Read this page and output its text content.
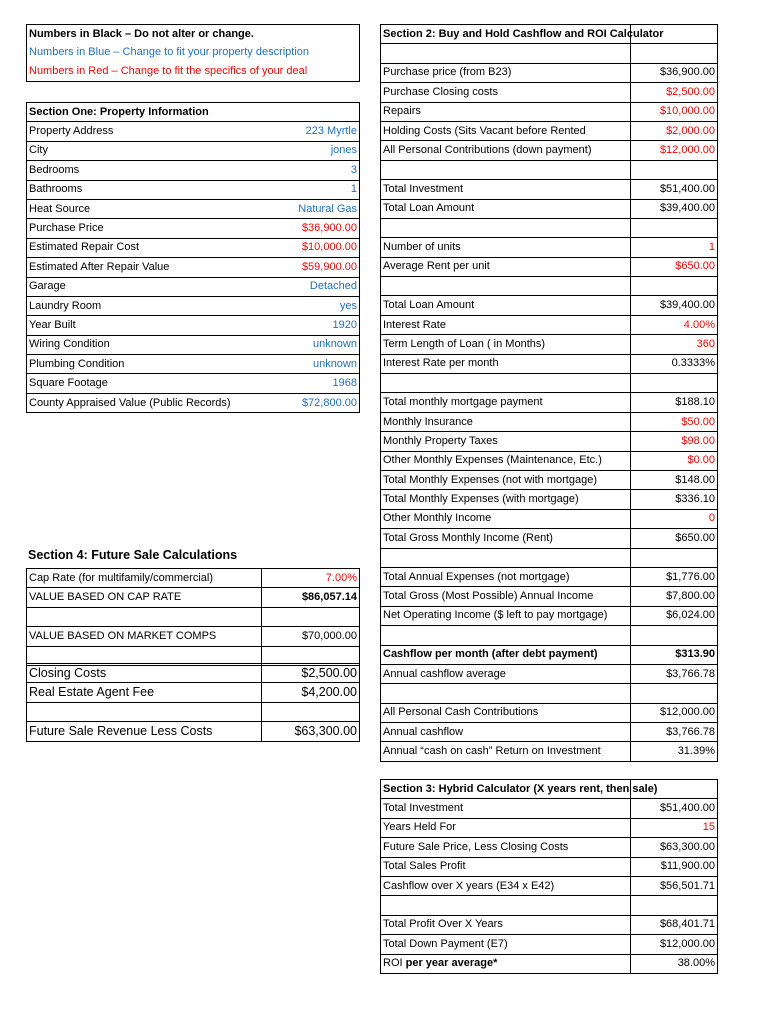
Numbers in Black – Do not alter or change.
Numbers in Blue – Change to fit your property description
Numbers in Red – Change to fit the specifics of your deal
Section One: Property Information	
Property Address	223 Myrtle
City	jones
Bedrooms	3
Bathrooms	1
Heat Source	Natural Gas
Purchase Price	$36,900.00
Estimated Repair Cost	$10,000.00
Estimated After Repair Value	$59,900.00
Garage	Detached
Laundry Room	yes
Year Built	1920
Wiring Condition	unknown
Plumbing Condition	unknown
Square Footage	1968
County Appraised Value (Public Records)	$72,800.00
Section 2: Buy and Hold Cashflow and ROI Calculator	

Purchase price (from B23)	$36,900.00
Purchase Closing costs	$2,500.00
Repairs	$10,000.00
Holding Costs (Sits Vacant before Rented	$2,000.00
All Personal Contributions (down payment)	$12,000.00

Total Investment	$51,400.00
Total Loan Amount	$39,400.00

Number of units	1
Average Rent per unit	$650.00

Total Loan Amount	$39,400.00
Interest Rate	4.00%
Term Length of Loan ( in Months)	360
Interest Rate per month	0.3333%

Total monthly mortgage payment	$188.10
Monthly Insurance	$50.00
Monthly Property Taxes	$98.00
Other Monthly Expenses (Maintenance, Etc.)	$0.00
Total Monthly Expenses (not with mortgage)	$148.00
Total Monthly Expenses (with mortgage)	$336.10
Other Monthly Income	0
Total Gross Monthly Income (Rent)	$650.00

Total Annual Expenses (not mortgage)	$1,776.00
Total Gross (Most Possible) Annual Income	$7,800.00
Net Operating Income ($ left to pay mortgage)	$6,024.00

Cashflow per month (after debt payment)	$313.90
Annual cashflow average	$3,766.78

All Personal Cash Contributions	$12,000.00
Annual cashflow	$3,766.78
Annual “cash on cash” Return on Investment	31.39%
Section 3: Hybrid Calculator (X years rent, then sale)	
Total Investment	$51,400.00
Years Held For	15
Future Sale Price, Less Closing Costs	$63,300.00
Total Sales Profit	$11,900.00
Cashflow over X years (E34 x E42)	$56,501.71

Total Profit Over X Years	$68,401.71
Total Down Payment (E7)	$12,000.00
ROI per year average*	38.00%
Section 4: Future Sale Calculations
Cap Rate (for multifamily/commercial)	7.00%
VALUE BASED ON CAP RATE	$86,057.14

VALUE BASED ON MARKET COMPS	$70,000.00

Closing Costs	$2,500.00
Real Estate Agent Fee	$4,200.00

Future Sale Revenue Less Costs	$63,300.00
